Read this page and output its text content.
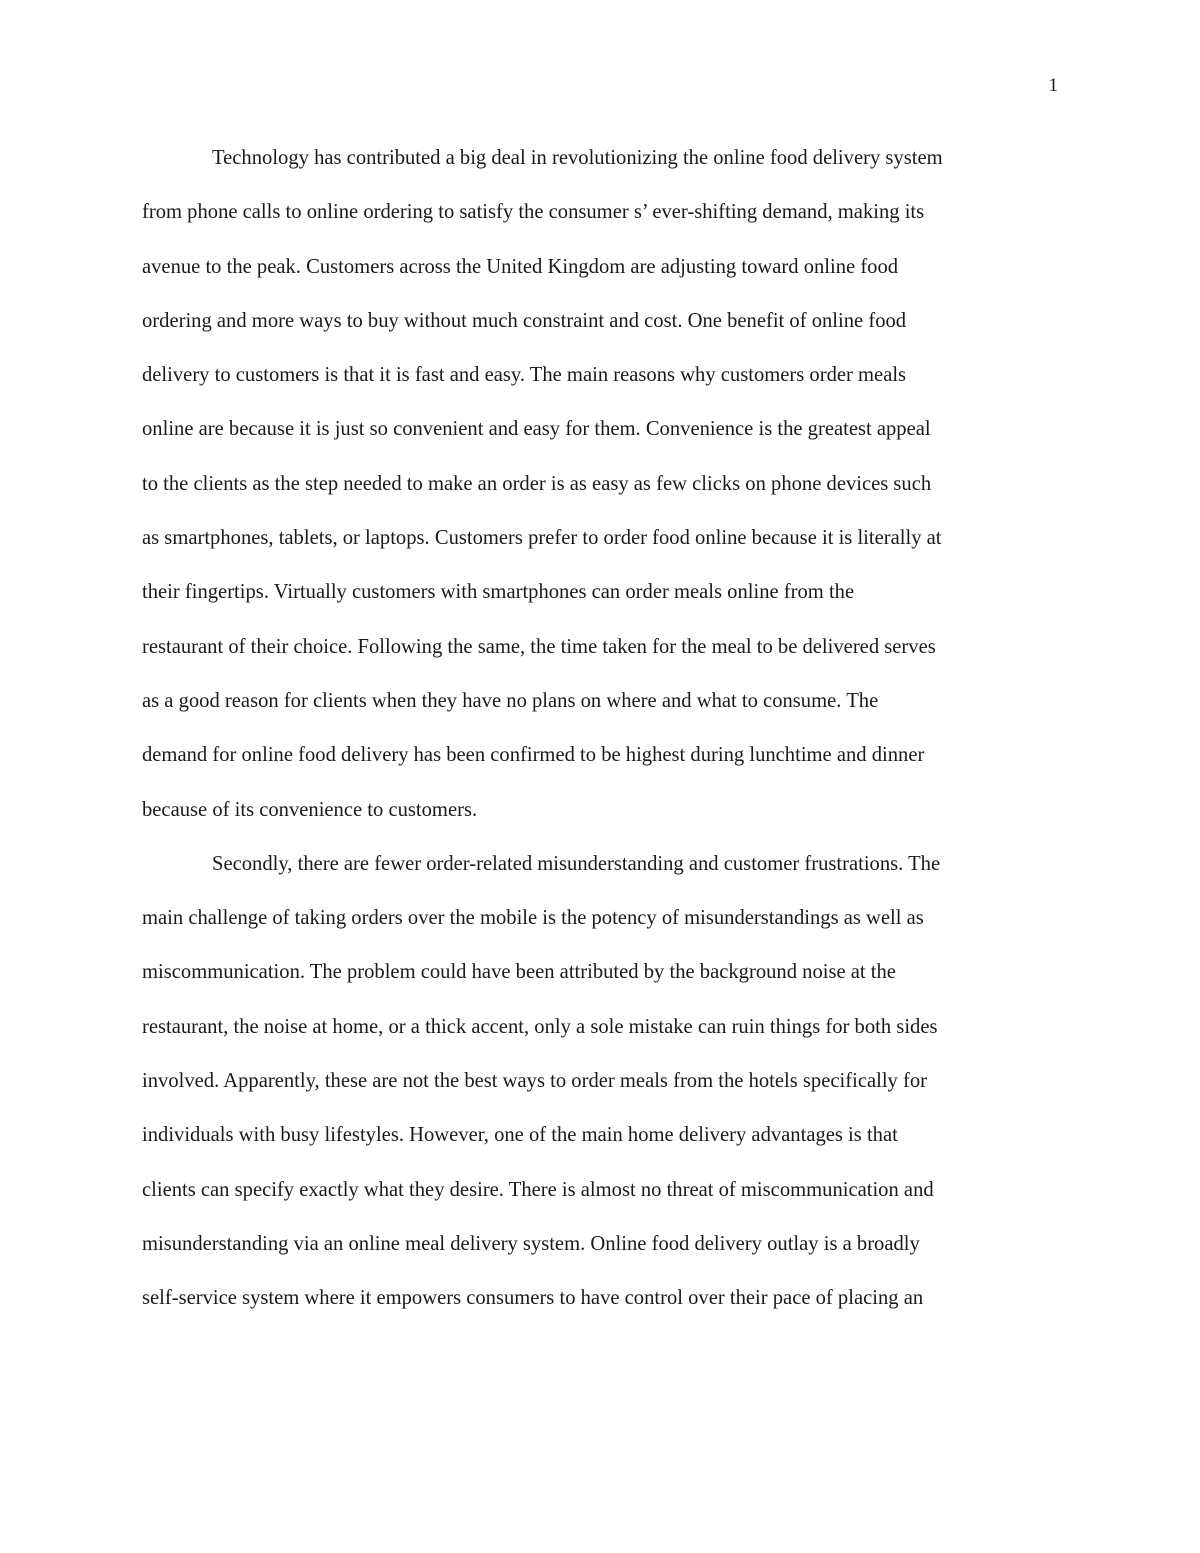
1

Technology has contributed a big deal in revolutionizing the online food delivery system
from phone calls to online ordering to satisfy the consumer s’ ever-shifting demand, making its
avenue to the peak. Customers across the United Kingdom are adjusting toward online food
ordering and more ways to buy without much constraint and cost. One benefit of online food
delivery to customers is that it is fast and easy. The main reasons why customers order meals
online are because it is just so convenient and easy for them. Convenience is the greatest appeal
to the clients as the step needed to make an order is as easy as few clicks on phone devices such
as smartphones, tablets, or laptops. Customers prefer to order food online because it is literally at
their fingertips. Virtually customers with smartphones can order meals online from the
restaurant of their choice. Following the same, the time taken for the meal to be delivered serves
as a good reason for clients when they have no plans on where and what to consume. The
demand for online food delivery has been confirmed to be highest during lunchtime and dinner
because of its convenience to customers.

Secondly, there are fewer order-related misunderstanding and customer frustrations. The
main challenge of taking orders over the mobile is the potency of misunderstandings as well as
miscommunication. The problem could have been attributed by the background noise at the
restaurant, the noise at home, or a thick accent, only a sole mistake can ruin things for both sides
involved. Apparently, these are not the best ways to order meals from the hotels specifically for
individuals with busy lifestyles. However, one of the main home delivery advantages is that
clients can specify exactly what they desire. There is almost no threat of miscommunication and
misunderstanding via an online meal delivery system. Online food delivery outlay is a broadly
self-service system where it empowers consumers to have control over their pace of placing an
